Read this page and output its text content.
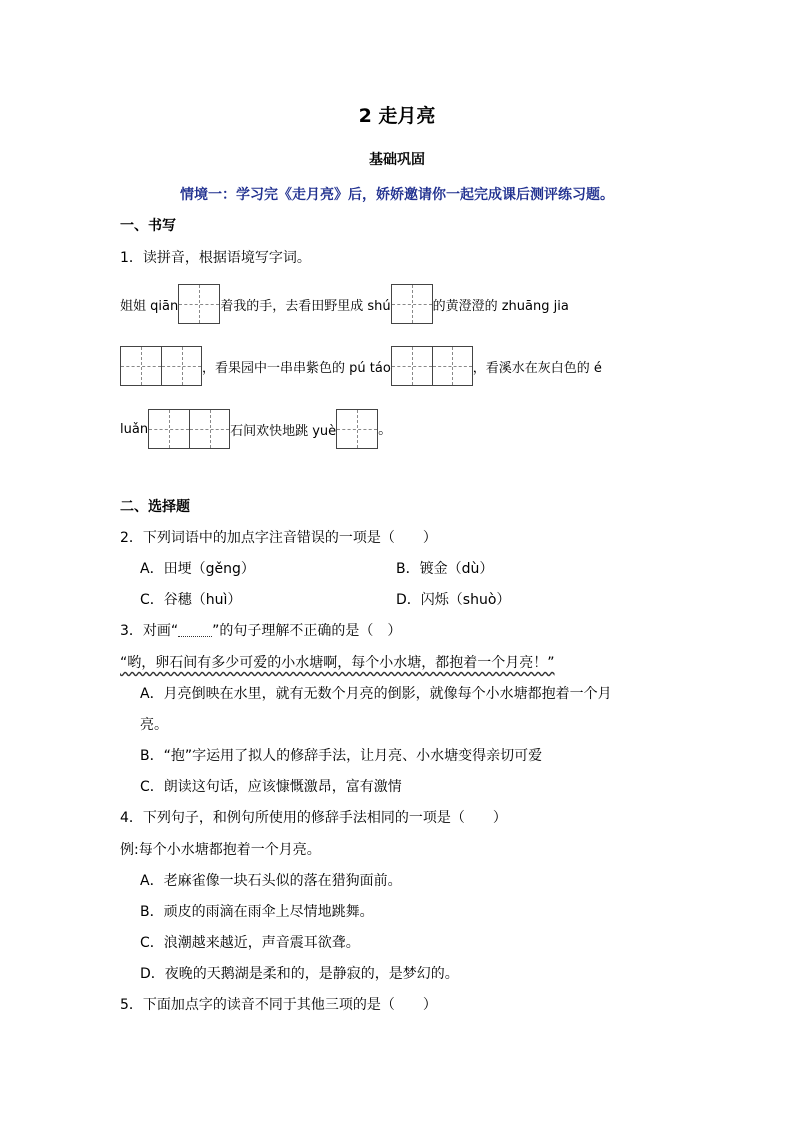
2 走月亮
基础巩固
情境一：学习完《走月亮》后，娇娇邀请你一起完成课后测评练习题。
一、书写
1．读拼音，根据语境写字词。
姐姐 qiān	着我的手，去看田野里成 shú	的黄澄澄的 zhuāng jia
，看果园中一串串紫色的 pú táo	，看溪水在灰白色的 é
luǎn	石间欢快地跳 yuè	。
二、选择题
2．下列词语中的加点字注音错误的一项是（　　）
A．田埂（gěng）	B．镀金（dù）
C．谷穗（huì）	D．闪烁（shuò）
3．对画“ ”的句子理解不正确的是（　）
“哟，卵石间有多少可爱的小水塘啊，每个小水塘，都抱着一个月亮！”
A．月亮倒映在水里，就有无数个月亮的倒影，就像每个小水塘都抱着一个月
亮。
B．“抱”字运用了拟人的修辞手法，让月亮、小水塘变得亲切可爱
C．朗读这句话，应该慷慨激昂，富有激情
4．下列句子，和例句所使用的修辞手法相同的一项是（　　）
例:每个小水塘都抱着一个月亮。
A．老麻雀像一块石头似的落在猎狗面前。
B．顽皮的雨滴在雨伞上尽情地跳舞。
C．浪潮越来越近，声音震耳欲聋。
D．夜晚的天鹅湖是柔和的，是静寂的，是梦幻的。
5．下面加点字的读音不同于其他三项的是（　　）
